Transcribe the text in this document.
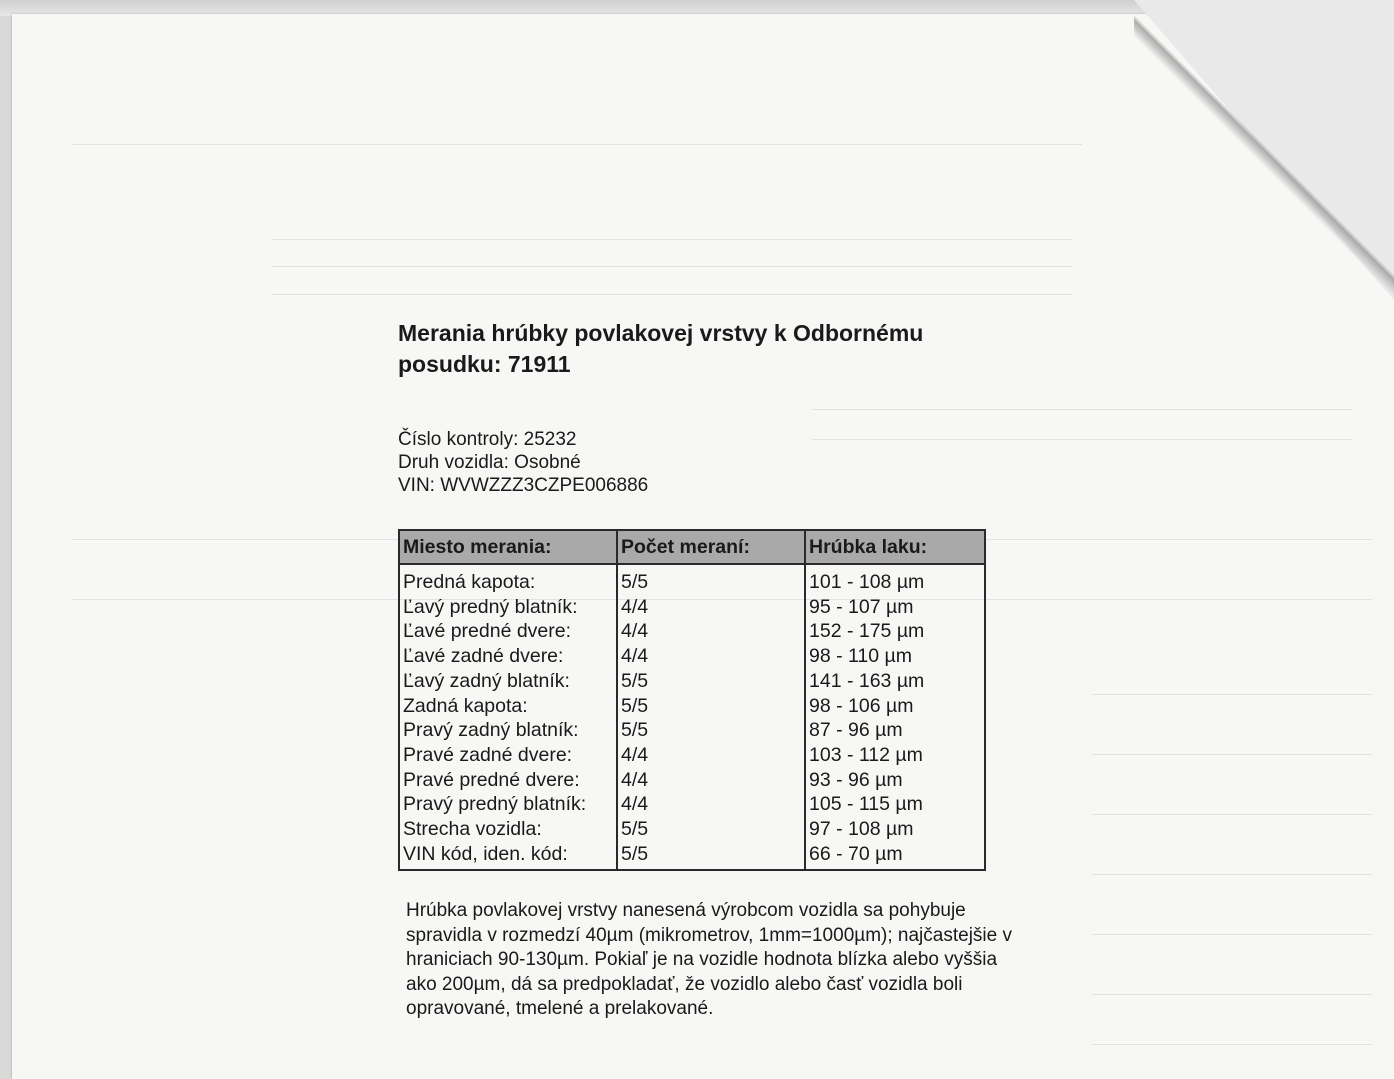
Merania hrúbky povlakovej vrstvy k Odbornému posudku: 71911
Číslo kontroly: 25232
Druh vozidla: Osobné
VIN: WVWZZZ3CZPE006886
Miesto merania:	Počet meraní:	Hrúbka laku:
Predná kapota:	5/5	101 - 108 µm
Ľavý predný blatník:	4/4	95 - 107 µm
Ľavé predné dvere:	4/4	152 - 175 µm
Ľavé zadné dvere:	4/4	98 - 110 µm
Ľavý zadný blatník:	5/5	141 - 163 µm
Zadná kapota:	5/5	98 - 106 µm
Pravý zadný blatník:	5/5	87 - 96 µm
Pravé zadné dvere:	4/4	103 - 112 µm
Pravé predné dvere:	4/4	93 - 96 µm
Pravý predný blatník:	4/4	105 - 115 µm
Strecha vozidla:	5/5	97 - 108 µm
VIN kód, iden. kód:	5/5	66 - 70 µm

Hrúbka povlakovej vrstvy nanesená výrobcom vozidla sa pohybuje spravidla v rozmedzí 40µm (mikrometrov, 1mm=1000µm); najčastejšie v hraniciach 90-130µm. Pokiaľ je na vozidle hodnota blízka alebo vyššia ako 200µm, dá sa predpokladať, že vozidlo alebo časť vozidla boli opravované, tmelené a prelakované.
